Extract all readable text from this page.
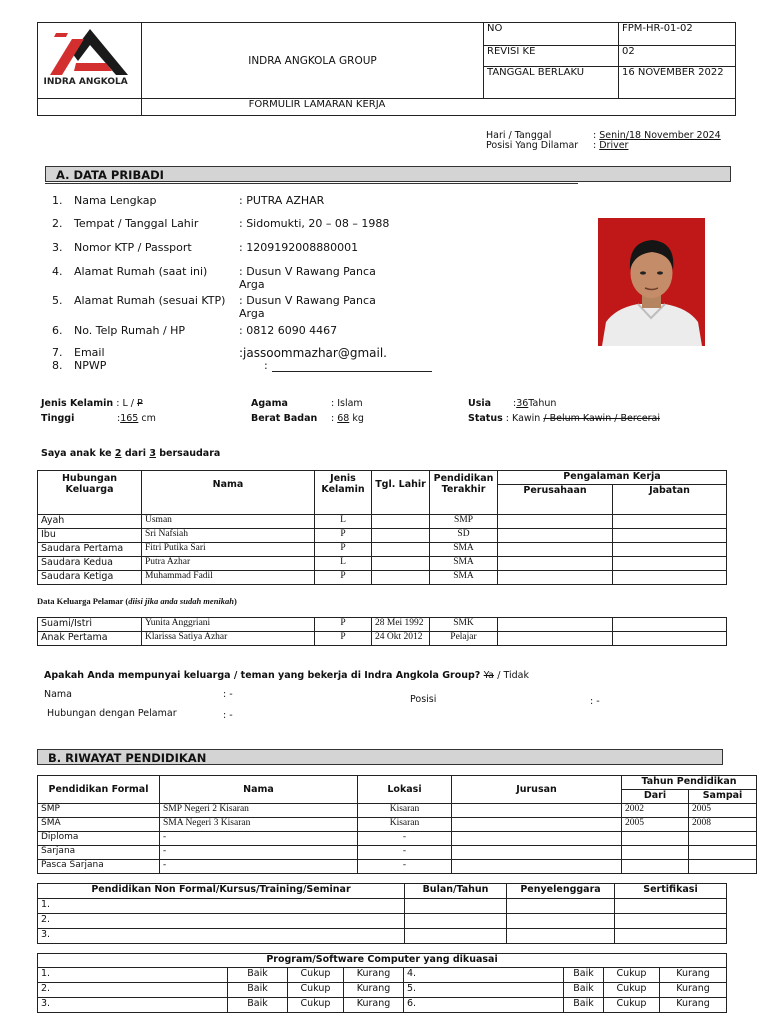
INDRA ANGKOLA	INDRA ANGKOLA GROUP	NO	FPM-HR-01-02
		REVISI KE	02
		TANGGAL BERLAKU	16 NOVEMBER 2022
	FORMULIR LAMARAN KERJA		
Hari / Tanggal	: Senin/18 November 2024
Posisi Yang Dilamar : Driver
A. DATA PRIBADI
1. Nama Lengkap	: PUTRA AZHAR
2. Tempat / Tanggal Lahir	: Sidomukti, 20 – 08 – 1988
3. Nomor KTP / Passport	: 1209192008880001
4. Alamat Rumah (saat ini)	: Dusun V Rawang Panca Arga
5. Alamat Rumah (sesuai KTP)	: Dusun V Rawang Panca Arga
6. No. Telp Rumah / HP	: 0812 6090 4467
7. Email	:jassoommazhar@gmail.
8. NPWP	:
Jenis Kelamin : L / P	Agama	: Islam	Usia :36Tahun
Tinggi	:165 cm	Berat Badan : 68 kg	Status : Kawin / Belum Kawin / Bercerai
Saya anak ke 2 dari 3 bersaudara
Hubungan Keluarga	Nama	Jenis Kelamin	Tgl. Lahir	Pendidikan Terakhir	Pengalaman Kerja	
					Perusahaan	Jabatan
Ayah	Usman	L		SMP		
Ibu	Sri Nafsiah	P		SD		
Saudara Pertama	Fitri Putika Sari	P		SMA		
Saudara Kedua	Putra Azhar	L		SMA		
Saudara Ketiga	Muhammad Fadil	P		SMA		
Data Keluarga Pelamar (diisi jika anda sudah menikah)
Suami/Istri	Yunita Anggriani	P	28 Mei 1992	SMK		
Anak Pertama	Klarissa Satiya Azhar	P	24 Okt 2012	Pelajar		
Apakah Anda mempunyai keluarga / teman yang bekerja di Indra Angkola Group? Ya / Tidak
Nama	: -	Posisi	: -
Hubungan dengan Pelamar	: -
B. RIWAYAT PENDIDIKAN
Pendidikan Formal	Nama	Lokasi	Jurusan	Tahun Pendidikan	
				Dari	Sampai
SMP	SMP Negeri 2 Kisaran	Kisaran		2002	2005
SMA	SMA Negeri 3 Kisaran	Kisaran		2005	2008
Diploma	-	-			
Sarjana	-	-			
Pasca Sarjana	-	-			
Pendidikan Non Formal/Kursus/Training/Seminar	Bulan/Tahun	Penyelenggara	Sertifikasi
1.			
2.			
3.			
Program/Software Computer yang dikuasai							
1.	Baik	Cukup	Kurang	4.	Baik	Cukup	Kurang
2.	Baik	Cukup	Kurang	5.	Baik	Cukup	Kurang
3.	Baik	Cukup	Kurang	6.	Baik	Cukup	Kurang
